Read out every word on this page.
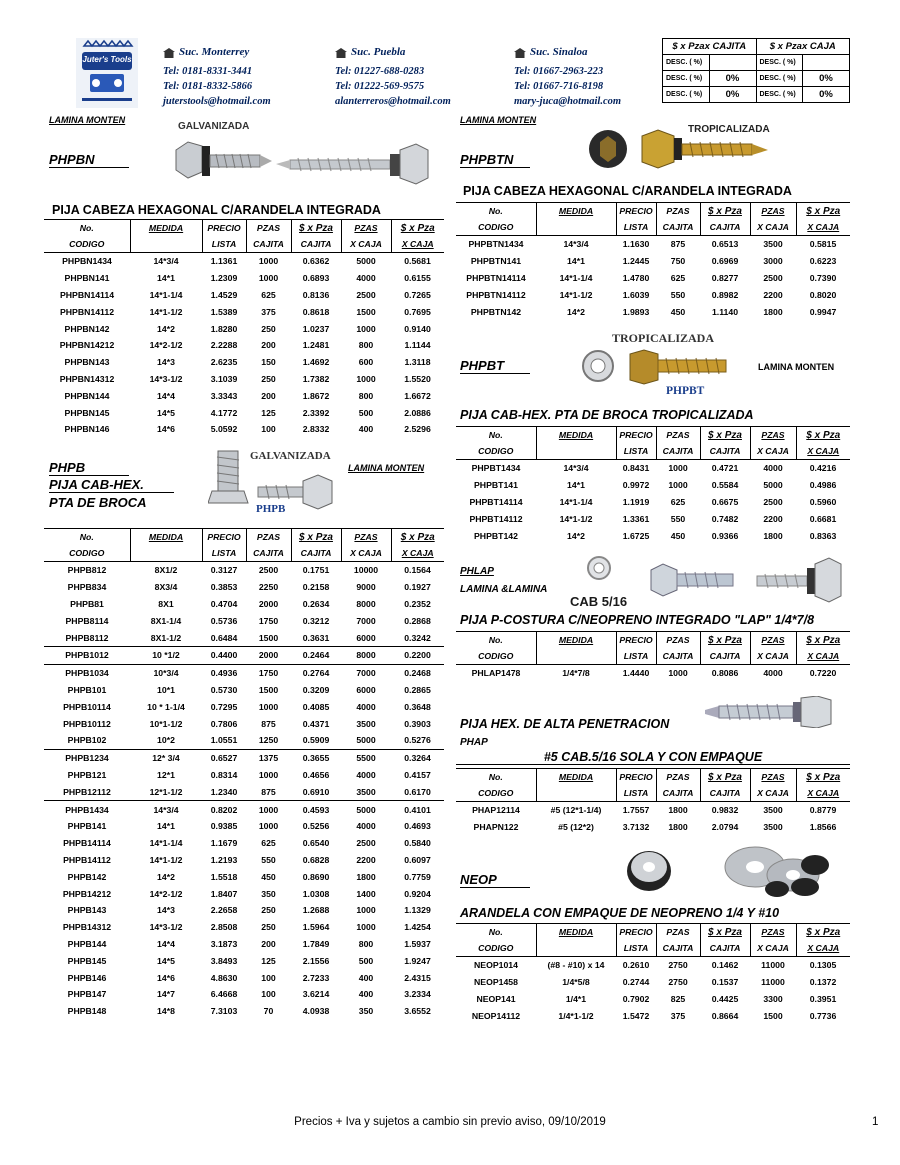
Juter's Tools
Suc. Monterrey
Tel: 0181-8331-3441
Tel: 0181-8332-5866
juterstools@hotmail.com
Suc. Puebla
Tel: 01227-688-0283
Tel: 01222-569-9575
alanterreros@hotmail.com
Suc. Sinaloa
Tel: 01667-2963-223
Tel: 01667-716-8198
mary-juca@hotmail.com
$ x Pzax CAJITA		$ x Pzax CAJA	
DESC. ( %)		DESC. ( %)	
DESC. ( %)	0%	DESC. ( %)	0%
DESC. ( %)	0%	DESC. ( %)	0%
LAMINA MONTEN
PHPBN
GALVANIZADA
PIJA CABEZA HEXAGONAL C/ARANDELA INTEGRADA
No.	MEDIDA	PRECIO	PZAS	$ x Pza	PZAS	$ x Pza
CODIGO		LISTA	CAJITA	CAJITA	X CAJA	X CAJA
PHPBN1434	14*3/4	1.1361	1000	0.6362	5000	0.5681
PHPBN141	14*1	1.2309	1000	0.6893	4000	0.6155
PHPBN14114	14*1-1/4	1.4529	625	0.8136	2500	0.7265
PHPBN14112	14*1-1/2	1.5389	375	0.8618	1500	0.7695
PHPBN142	14*2	1.8280	250	1.0237	1000	0.9140
PHPBN14212	14*2-1/2	2.2288	200	1.2481	800	1.1144
PHPBN143	14*3	2.6235	150	1.4692	600	1.3118
PHPBN14312	14*3-1/2	3.1039	250	1.7382	1000	1.5520
PHPBN144	14*4	3.3343	200	1.8672	800	1.6672
PHPBN145	14*5	4.1772	125	2.3392	500	2.0886
PHPBN146	14*6	5.0592	100	2.8332	400	2.5296
PHPB
PIJA CAB-HEX.
PTA DE BROCA
GALVANIZADA
PHPB
LAMINA MONTEN
No.	MEDIDA	PRECIO	PZAS	$ x Pza	PZAS	$ x Pza
CODIGO		LISTA	CAJITA	CAJITA	X CAJA	X CAJA
PHPB812	8X1/2	0.3127	2500	0.1751	10000	0.1564
PHPB834	8X3/4	0.3853	2250	0.2158	9000	0.1927
PHPB81	8X1	0.4704	2000	0.2634	8000	0.2352
PHPB8114	8X1-1/4	0.5736	1750	0.3212	7000	0.2868
PHPB8112	8X1-1/2	0.6484	1500	0.3631	6000	0.3242
PHPB1012	10 *1/2	0.4400	2000	0.2464	8000	0.2200
PHPB1034	10*3/4	0.4936	1750	0.2764	7000	0.2468
PHPB101	10*1	0.5730	1500	0.3209	6000	0.2865
PHPB10114	10 * 1-1/4	0.7295	1000	0.4085	4000	0.3648
PHPB10112	10*1-1/2	0.7806	875	0.4371	3500	0.3903
PHPB102	10*2	1.0551	1250	0.5909	5000	0.5276
PHPB1234	12* 3/4	0.6527	1375	0.3655	5500	0.3264
PHPB121	12*1	0.8314	1000	0.4656	4000	0.4157
PHPB12112	12*1-1/2	1.2340	875	0.6910	3500	0.6170
PHPB1434	14*3/4	0.8202	1000	0.4593	5000	0.4101
PHPB141	14*1	0.9385	1000	0.5256	4000	0.4693
PHPB14114	14*1-1/4	1.1679	625	0.6540	2500	0.5840
PHPB14112	14*1-1/2	1.2193	550	0.6828	2200	0.6097
PHPB142	14*2	1.5518	450	0.8690	1800	0.7759
PHPB14212	14*2-1/2	1.8407	350	1.0308	1400	0.9204
PHPB143	14*3	2.2658	250	1.2688	1000	1.1329
PHPB14312	14*3-1/2	2.8508	250	1.5964	1000	1.4254
PHPB144	14*4	3.1873	200	1.7849	800	1.5937
PHPB145	14*5	3.8493	125	2.1556	500	1.9247
PHPB146	14*6	4.8630	100	2.7233	400	2.4315
PHPB147	14*7	6.4668	100	3.6214	400	3.2334
PHPB148	14*8	7.3103	70	4.0938	350	3.6552
LAMINA MONTEN
PHPBTN
TROPICALIZADA
PIJA CABEZA HEXAGONAL C/ARANDELA INTEGRADA
No.	MEDIDA	PRECIO	PZAS	$ x Pza	PZAS	$ x Pza
CODIGO		LISTA	CAJITA	CAJITA	X CAJA	X CAJA
PHPBTN1434	14*3/4	1.1630	875	0.6513	3500	0.5815
PHPBTN141	14*1	1.2445	750	0.6969	3000	0.6223
PHPBTN14114	14*1-1/4	1.4780	625	0.8277	2500	0.7390
PHPBTN14112	14*1-1/2	1.6039	550	0.8982	2200	0.8020
PHPBTN142	14*2	1.9893	450	1.1140	1800	0.9947
TROPICALIZADA
PHPBT
PHPBT	LAMINA MONTEN
PIJA CAB-HEX. PTA DE BROCA TROPICALIZADA
No.	MEDIDA	PRECIO	PZAS	$ x Pza	PZAS	$ x Pza
CODIGO		LISTA	CAJITA	CAJITA	X CAJA	X CAJA
PHPBT1434	14*3/4	0.8431	1000	0.4721	4000	0.4216
PHPBT141	14*1	0.9972	1000	0.5584	5000	0.4986
PHPBT14114	14*1-1/4	1.1919	625	0.6675	2500	0.5960
PHPBT14112	14*1-1/2	1.3361	550	0.7482	2200	0.6681
PHPBT142	14*2	1.6725	450	0.9366	1800	0.8363
PHLAP
LAMINA &LAMINA
CAB 5/16
PIJA P-COSTURA C/NEOPRENO INTEGRADO "LAP" 1/4*7/8
No.	MEDIDA	PRECIO	PZAS	$ x Pza	PZAS	$ x Pza
CODIGO		LISTA	CAJITA	CAJITA	X CAJA	X CAJA
PHLAP1478	1/4*7/8	1.4440	1000	0.8086	4000	0.7220
PIJA HEX. DE ALTA PENETRACION
PHAP
#5 CAB.5/16 SOLA Y CON EMPAQUE
No.	MEDIDA	PRECIO	PZAS	$ x Pza	PZAS	$ x Pza
CODIGO		LISTA	CAJITA	CAJITA	X CAJA	X CAJA
PHAP12114	#5 (12*1-1/4)	1.7557	1800	0.9832	3500	0.8779
PHAPN122	#5 (12*2)	3.7132	1800	2.0794	3500	1.8566
NEOP
ARANDELA CON EMPAQUE DE NEOPRENO 1/4 Y #10
No.	MEDIDA	PRECIO	PZAS	$ x Pza	PZAS	$ x Pza
CODIGO		LISTA	CAJITA	CAJITA	X CAJA	X CAJA
NEOP1014	(#8 - #10) x 14	0.2610	2750	0.1462	11000	0.1305
NEOP1458	1/4*5/8	0.2744	2750	0.1537	11000	0.1372
NEOP141	1/4*1	0.7902	825	0.4425	3300	0.3951
NEOP14112	1/4*1-1/2	1.5472	375	0.8664	1500	0.7736
Precios + Iva y sujetos a cambio sin previo aviso, 09/10/2019	1
